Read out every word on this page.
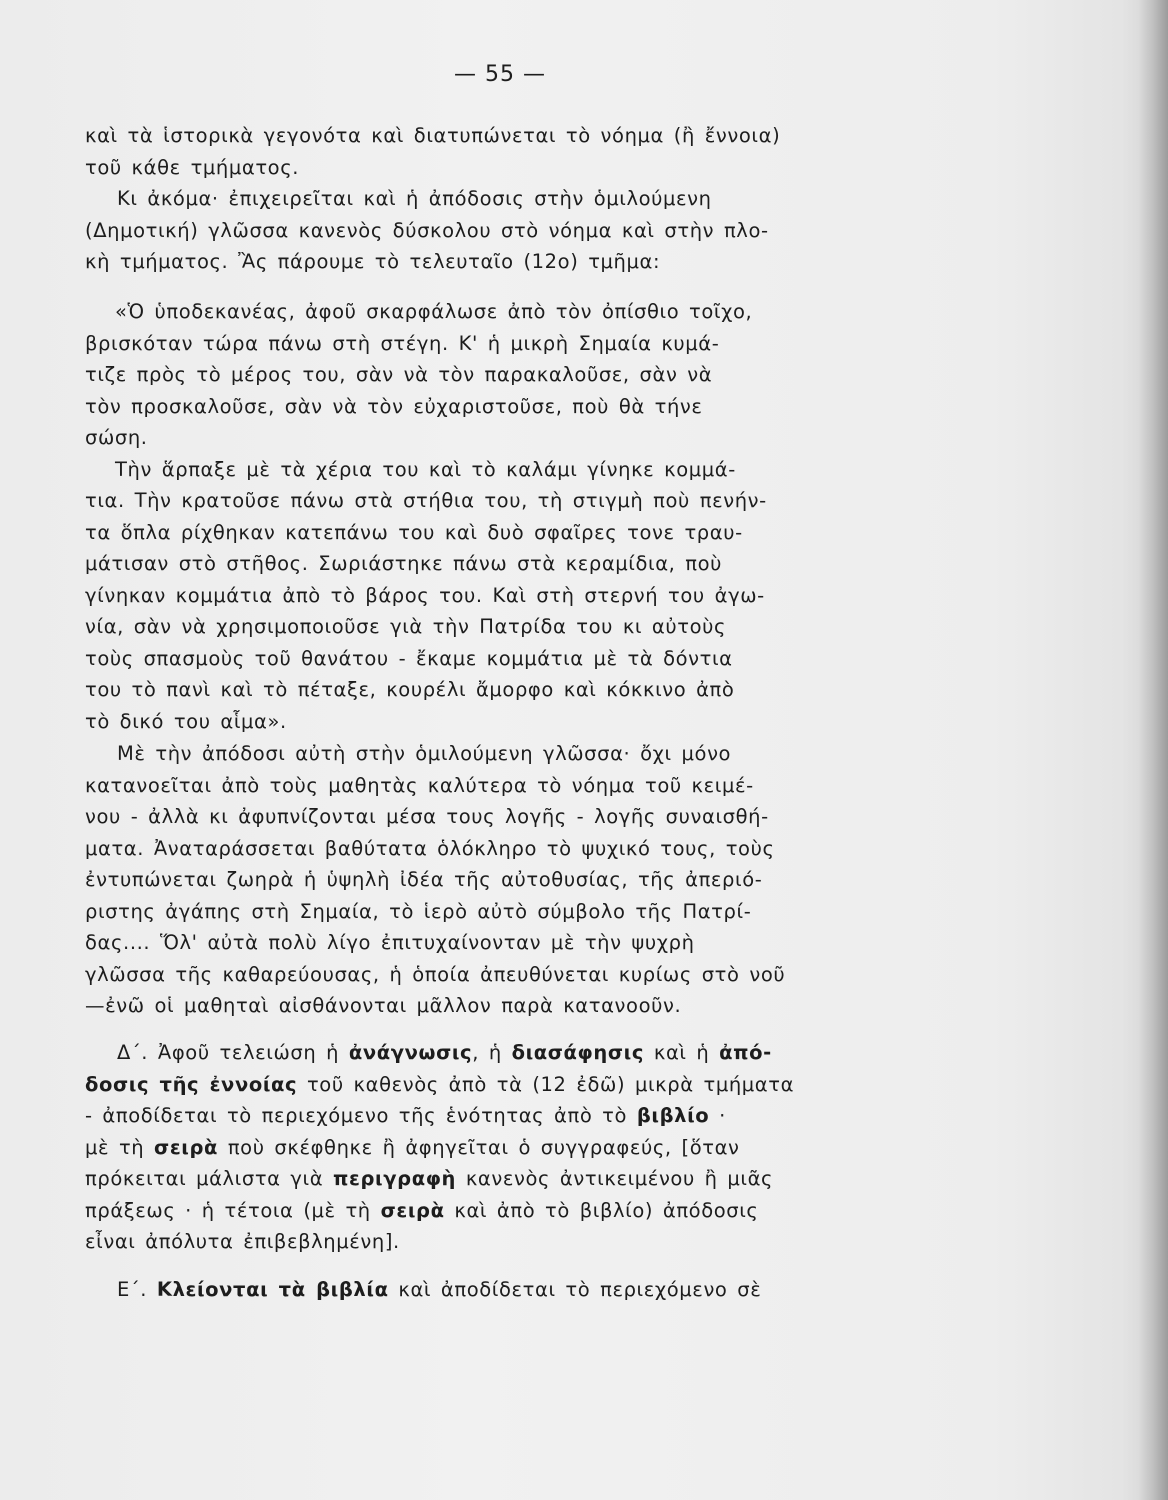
— 55 —
καὶ τὰ ἱστορικὰ γεγονότα καὶ διατυπώνεται τὸ νόημα (ἢ ἔννοια)
τοῦ κάθε τμήματος.
Κι ἀκόμα· ἐπιχειρεῖται καὶ ἡ ἀπόδοσις στὴν ὁμιλούμενη
(Δημοτική) γλῶσσα κανενὸς δύσκολου στὸ νόημα καὶ στὴν πλο-
κὴ τμήματος. Ἂς πάρουμε τὸ τελευταῖο (12ο) τμῆμα:
«Ὁ ὑποδεκανέας, ἀφοῦ σκαρφάλωσε ἀπὸ τὸν ὀπίσθιο τοῖχο,
βρισκόταν τώρα πάνω στὴ στέγη. Κ' ἡ μικρὴ Σημαία κυμά-
τιζε πρὸς τὸ μέρος του, σὰν νὰ τὸν παρακαλοῦσε, σὰν νὰ
τὸν προσκαλοῦσε, σὰν νὰ τὸν εὐχαριστοῦσε, ποὺ θὰ τήνε
σώση.
Τὴν ἅρπαξε μὲ τὰ χέρια του καὶ τὸ καλάμι γίνηκε κομμά-
τια. Τὴν κρατοῦσε πάνω στὰ στήθια του, τὴ στιγμὴ ποὺ πενήν-
τα ὅπλα ρίχθηκαν κατεπάνω του καὶ δυὸ σφαῖρες τονε τραυ-
μάτισαν στὸ στῆθος. Σωριάστηκε πάνω στὰ κεραμίδια, ποὺ
γίνηκαν κομμάτια ἀπὸ τὸ βάρος του. Καὶ στὴ στερνή του ἀγω-
νία, σὰν νὰ χρησιμοποιοῦσε γιὰ τὴν Πατρίδα του κι αὐτοὺς
τοὺς σπασμοὺς τοῦ θανάτου - ἔκαμε κομμάτια μὲ τὰ δόντια
του τὸ πανὶ καὶ τὸ πέταξε, κουρέλι ἄμορφο καὶ κόκκινο ἀπὸ
τὸ δικό του αἷμα».
Μὲ τὴν ἀπόδοσι αὐτὴ στὴν ὁμιλούμενη γλῶσσα· ὄχι μόνο
κατανοεῖται ἀπὸ τοὺς μαθητὰς καλύτερα τὸ νόημα τοῦ κειμέ-
νου - ἀλλὰ κι ἀφυπνίζονται μέσα τους λογῆς - λογῆς συναισθή-
ματα. Ἀναταράσσεται βαθύτατα ὁλόκληρο τὸ ψυχικό τους, τοὺς
ἐντυπώνεται ζωηρὰ ἡ ὑψηλὴ ἰδέα τῆς αὐτοθυσίας, τῆς ἀπεριό-
ριστης ἀγάπης στὴ Σημαία, τὸ ἱερὸ αὐτὸ σύμβολο τῆς Πατρί-
δας.... Ὅλ' αὐτὰ πολὺ λίγο ἐπιτυχαίνονταν μὲ τὴν ψυχρὴ
γλῶσσα τῆς καθαρεύουσας, ἡ ὁποία ἀπευθύνεται κυρίως στὸ νοῦ
—ἐνῶ οἱ μαθηταὶ αἰσθάνονται μᾶλλον παρὰ κατανοοῦν.
Δ΄. Ἀφοῦ τελειώση ἡ ἀνάγνωσις, ἡ διασάφησις καὶ ἡ ἀπό-
δοσις τῆς ἐννοίας τοῦ καθενὸς ἀπὸ τὰ (12 ἐδῶ) μικρὰ τμήματα
- ἀποδίδεται τὸ περιεχόμενο τῆς ἑνότητας ἀπὸ τὸ βιβλίο ·
μὲ τὴ σειρὰ ποὺ σκέφθηκε ἢ ἀφηγεῖται ὁ συγγραφεύς, [ὅταν
πρόκειται μάλιστα γιὰ περιγραφὴ κανενὸς ἀντικειμένου ἢ μιᾶς
πράξεως · ἡ τέτοια (μὲ τὴ σειρὰ καὶ ἀπὸ τὸ βιβλίο) ἀπόδοσις
εἶναι ἀπόλυτα ἐπιβεβλημένη].
Ε΄. Κλείονται τὰ βιβλία καὶ ἀποδίδεται τὸ περιεχόμενο σὲ
